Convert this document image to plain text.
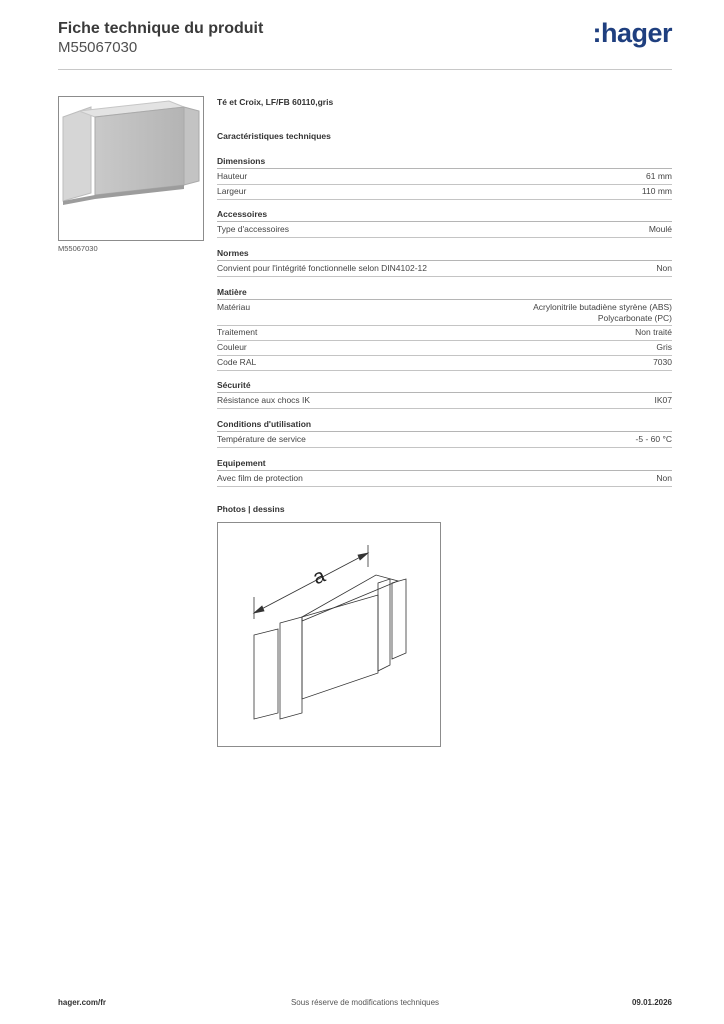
Fiche technique du produit
M55067030	:hager
M55067030
Té et Croix, LF/FB 60110,gris
Caractéristiques techniques
Dimensions
Hauteur	61 mm
Largeur	110 mm
Accessoires
Type d'accessoires	Moulé
Normes
Convient pour l'intégrité fonctionnelle selon DIN4102-12	Non
Matière
Matériau	Acrylonitrile butadiène styrène (ABS)
Polycarbonate (PC)
Traitement	Non traité
Couleur	Gris
Code RAL	7030
Sécurité
Résistance aux chocs IK	IK07
Conditions d'utilisation
Température de service	-5 - 60 °C
Equipement
Avec film de protection	Non
Photos | dessins
a
hager.com/fr	Sous réserve de modifications techniques	09.01.2026
